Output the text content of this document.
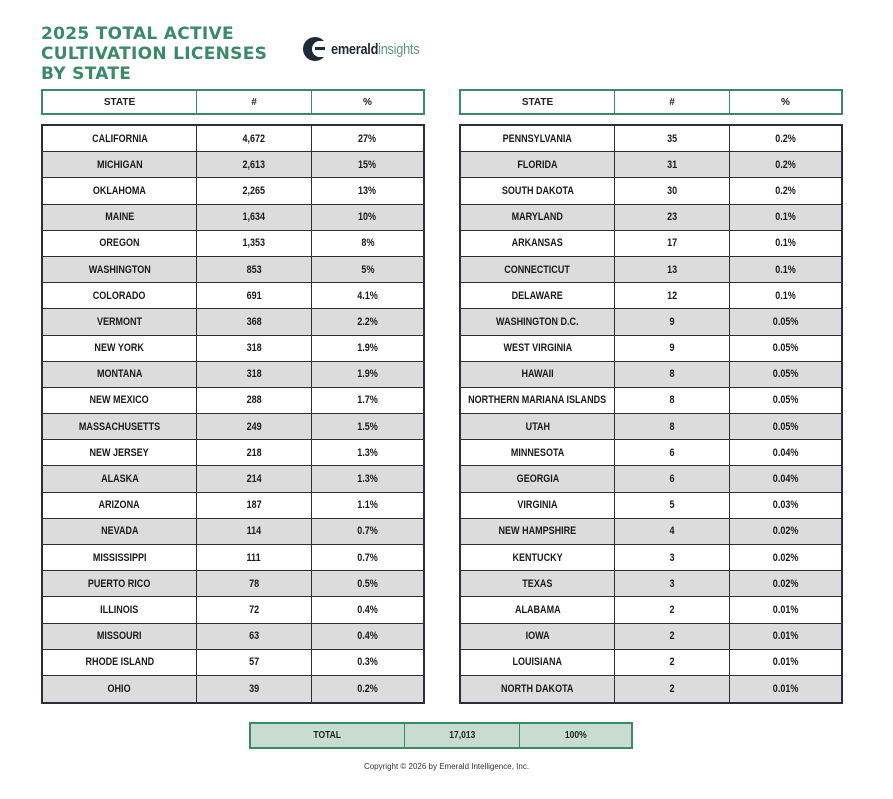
2025 TOTAL ACTIVE
CULTIVATION LICENSES
BY STATE
emeraldinsights
STATE	#	%	STATE	#	%
CALIFORNIA	4,672	27%
MICHIGAN	2,613	15%
OKLAHOMA	2,265	13%
MAINE	1,634	10%
OREGON	1,353	8%
WASHINGTON	853	5%
COLORADO	691	4.1%
VERMONT	368	2.2%
NEW YORK	318	1.9%
MONTANA	318	1.9%
NEW MEXICO	288	1.7%
MASSACHUSETTS	249	1.5%
NEW JERSEY	218	1.3%
ALASKA	214	1.3%
ARIZONA	187	1.1%
NEVADA	114	0.7%
MISSISSIPPI	111	0.7%
PUERTO RICO	78	0.5%
ILLINOIS	72	0.4%
MISSOURI	63	0.4%
RHODE ISLAND	57	0.3%
OHIO	39	0.2%
PENNSYLVANIA	35	0.2%
FLORIDA	31	0.2%
SOUTH DAKOTA	30	0.2%
MARYLAND	23	0.1%
ARKANSAS	17	0.1%
CONNECTICUT	13	0.1%
DELAWARE	12	0.1%
WASHINGTON D.C.	9	0.05%
WEST VIRGINIA	9	0.05%
HAWAII	8	0.05%
NORTHERN MARIANA ISLANDS	8	0.05%
UTAH	8	0.05%
MINNESOTA	6	0.04%
GEORGIA	6	0.04%
VIRGINIA	5	0.03%
NEW HAMPSHIRE	4	0.02%
KENTUCKY	3	0.02%
TEXAS	3	0.02%
ALABAMA	2	0.01%
IOWA	2	0.01%
LOUISIANA	2	0.01%
NORTH DAKOTA	2	0.01%
TOTAL	17,013	100%
Copyright © 2026 by Emerald Intelligence, Inc.
